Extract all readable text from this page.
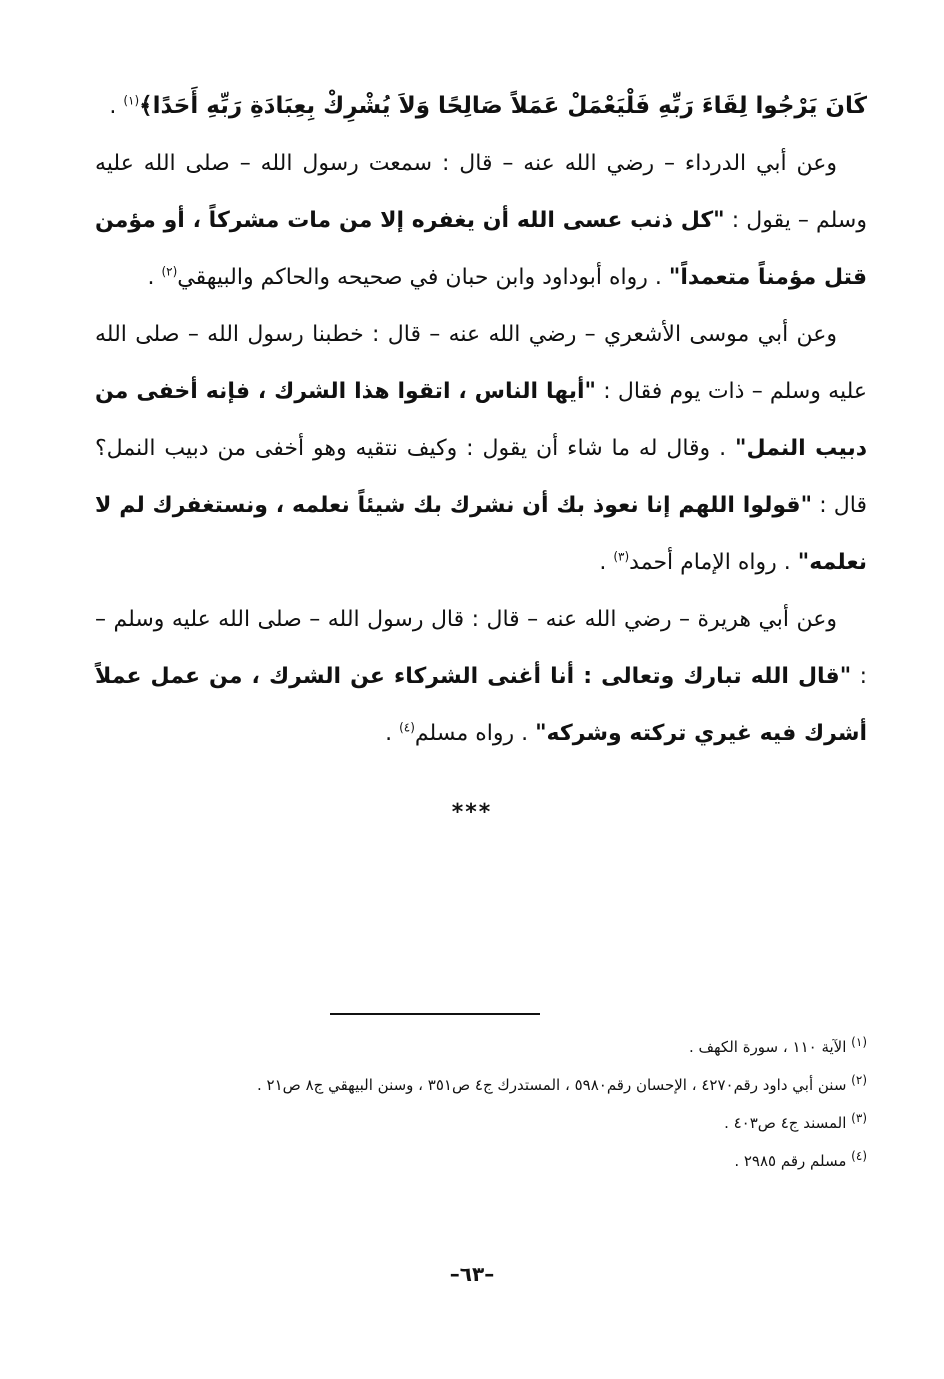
كَانَ يَرْجُوا لِقَاءَ رَبِّهِ فَلْيَعْمَلْ عَمَلاً صَالِحًا وَلاَ يُشْرِكْ بِعِبَادَةِ رَبِّهِ أَحَدًا﴾$^{(١)}$ .

وعن أبي الدرداء – رضي الله عنه – قال : سمعت رسول الله – صلى الله عليه وسلم – يقول : "كل ذنب عسى الله أن يغفره إلا من مات مشركاً ، أو مؤمن قتل مؤمناً متعمداً" . رواه أبوداود وابن حبان في صحيحه والحاكم والبيهقي$^{(٢)}$ .

وعن أبي موسى الأشعري – رضي الله عنه – قال : خطبنا رسول الله – صلى الله عليه وسلم – ذات يوم فقال : "أيها الناس ، اتقوا هذا الشرك ، فإنه أخفى من دبيب النمل" . وقال له ما شاء أن يقول : وكيف نتقيه وهو أخفى من دبيب النمل؟ قال : "قولوا اللهم إنا نعوذ بك أن نشرك بك شيئاً نعلمه ، ونستغفرك لم لا نعلمه" . رواه الإمام أحمد$^{(٣)}$ .

وعن أبي هريرة – رضي الله عنه – قال : قال رسول الله – صلى الله عليه وسلم – : "قال الله تبارك وتعالى : أنا أغنى الشركاء عن الشرك ، من عمل عملاً أشرك فيه غيري تركته وشركه" . رواه مسلم$^{(٤)}$ .

***

$^{(١)}$ الآية ١١٠ ، سورة الكهف .

$^{(٢)}$ سنن أبي داود رقم٤٢٧٠ ، الإحسان رقم٥٩٨٠ ، المستدرك ج٤ ص٣٥١ ، وسنن البيهقي ج٨ ص٢١ .

$^{(٣)}$ المسند ج٤ ص٤٠٣ .

$^{(٤)}$ مسلم رقم ٢٩٨٥ .

–٦٣–
